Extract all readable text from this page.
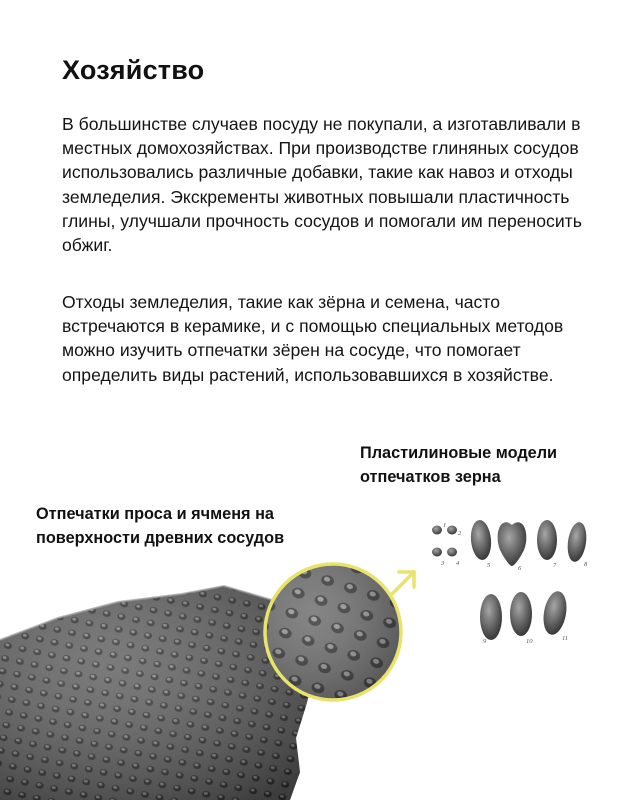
Хозяйство

В большинстве случаев посуду не покупали, а изготавливали в местных домохозяйствах. При производстве глиняных сосудов использовались различные добавки, такие как навоз и отходы земледелия. Экскременты животных повышали пластичность глины, улучшали прочность сосудов и помогали им переносить обжиг.

Отходы земледелия, такие как зёрна и семена, часто встречаются в керамике, и с помощью специальных методов можно изучить отпечатки зёрен на сосуде, что помогает определить виды растений, использовавшихся в хозяйстве.

Пластилиновые модели отпечатков зерна

Отпечатки проса и ячменя на поверхности древних сосудов

1
2
3 4	5	6	7	8
9	10	11
